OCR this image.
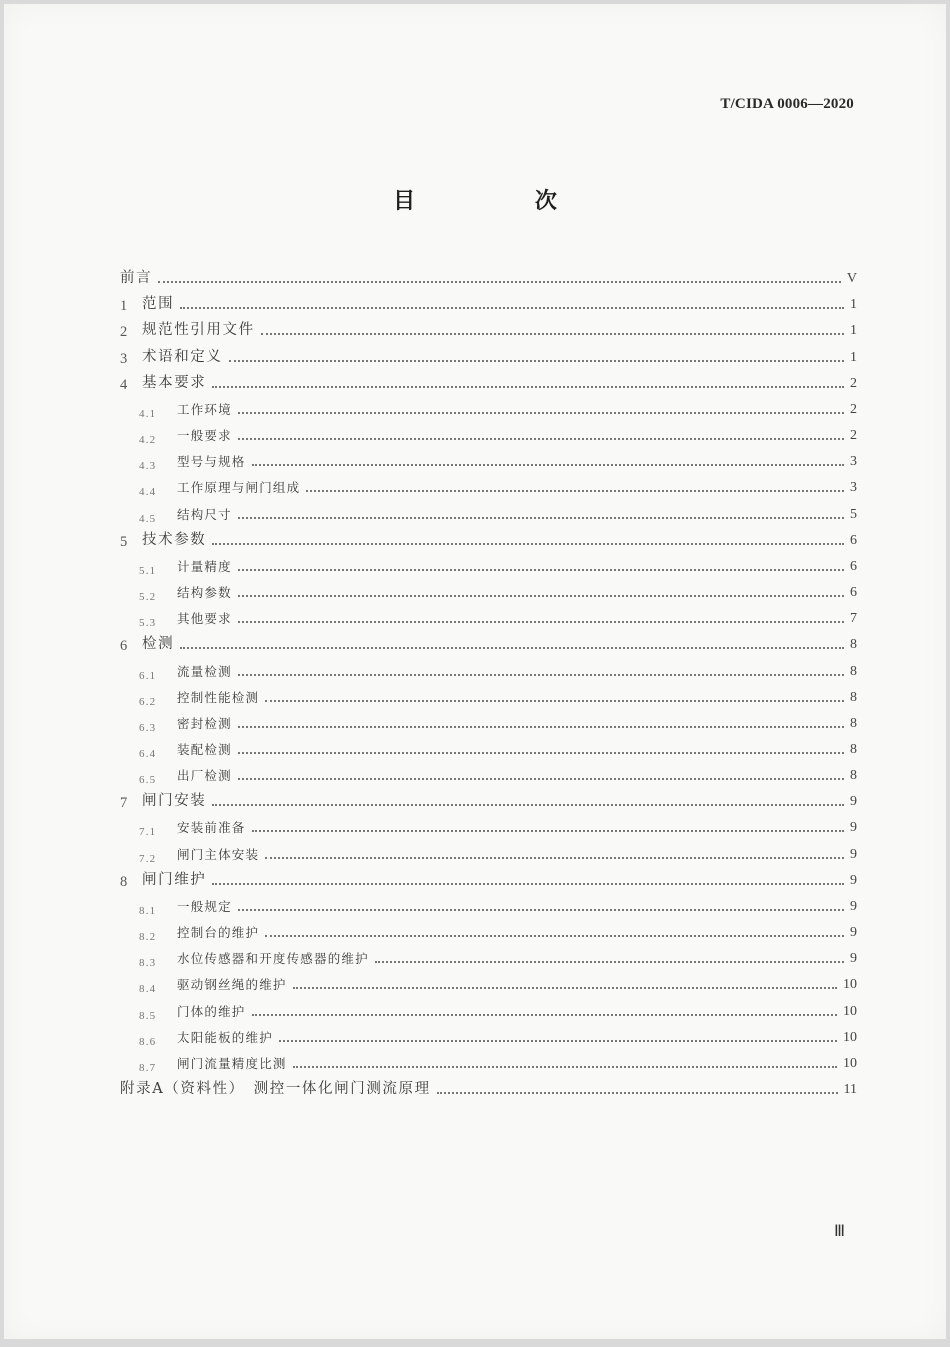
T/CIDA 0006—2020
目 次
前言	V
1 范围	1
2 规范性引用文件	1
3 术语和定义	1
4 基本要求	2
4.1	工作环境	2
4.2	一般要求	2
4.3	型号与规格	3
4.4	工作原理与闸门组成	3
4.5	结构尺寸	5
5 技术参数	6
5.1	计量精度	6
5.2	结构参数	6
5.3	其他要求	7
6 检测	8
6.1	流量检测	8
6.2	控制性能检测	8
6.3	密封检测	8
6.4	装配检测	8
6.5	出厂检测	8
7 闸门安装	9
7.1	安装前准备	9
7.2	闸门主体安装	9
8 闸门维护	9
8.1	一般规定	9
8.2	控制台的维护	9
8.3	水位传感器和开度传感器的维护	9
8.4	驱动钢丝绳的维护	10
8.5	门体的维护	10
8.6	太阳能板的维护	10
8.7	闸门流量精度比测	10
附录A（资料性）　测控一体化闸门测流原理	11
Ⅲ
